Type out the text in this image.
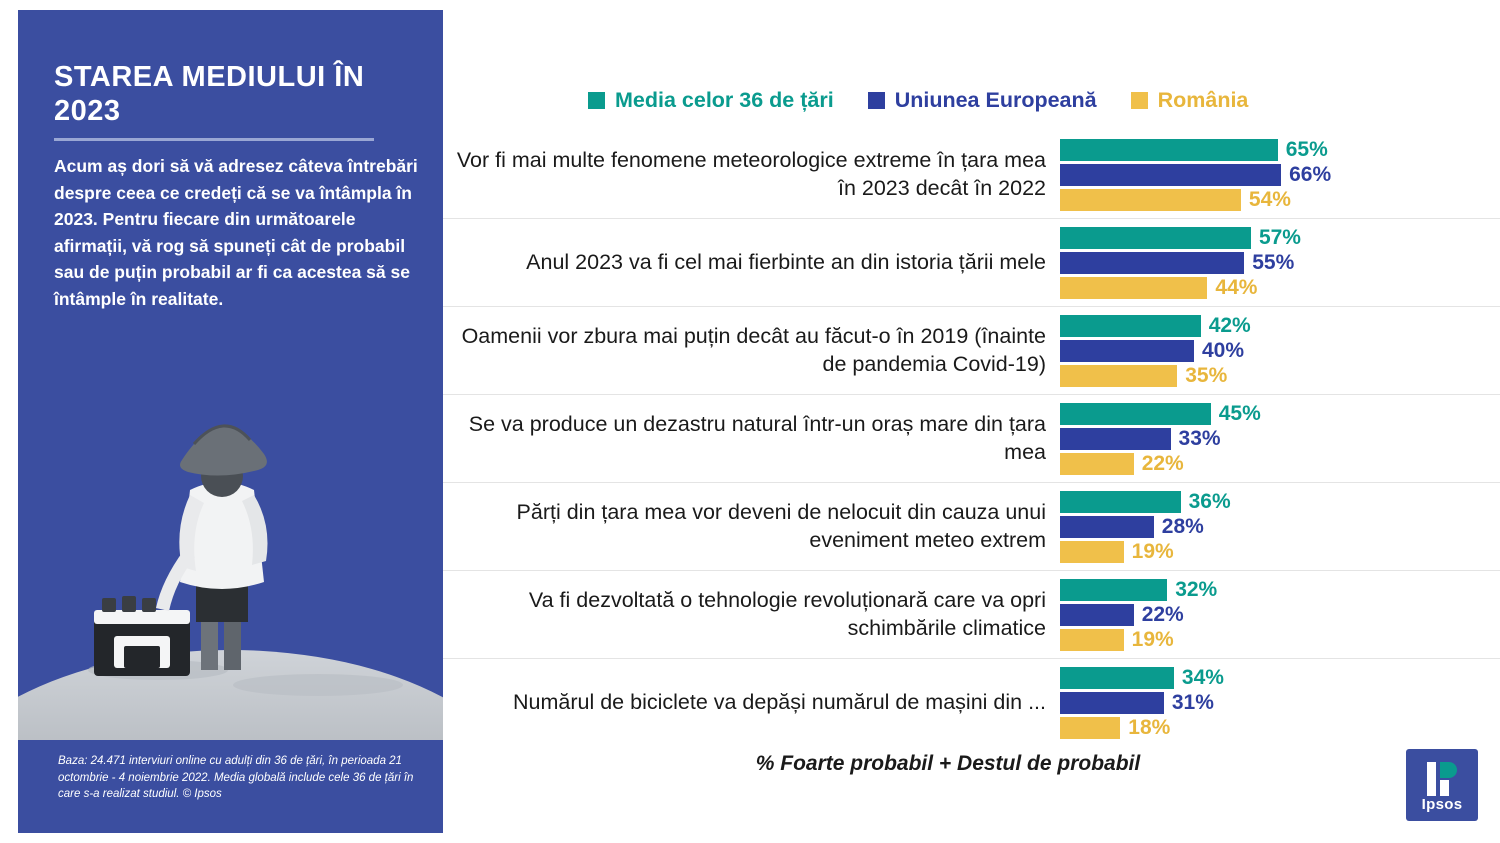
STAREA MEDIULUI ÎN 2023
Acum aș dori să vă adresez câteva întrebări despre ceea ce credeți că se va întâmpla în 2023. Pentru fiecare din următoarele afirmații, vă rog să spuneți cât de probabil sau de puțin probabil ar fi ca acestea să se întâmple în realitate.
Baza: 24.471 interviuri online cu adulți din 36 de țări, în perioada 21 octombrie - 4 noiembrie 2022. Media globală include cele 36 de țări în care s-a realizat studiul. © Ipsos
Media celor 36 de țări	Uniunea Europeană	România
Vor fi mai multe fenomene meteorologice extreme în țara mea în 2023 decât în 2022
65%
66%
54%
Anul 2023 va fi cel mai fierbinte an din istoria țării mele
57%
55%
44%
Oamenii vor zbura mai puțin decât au făcut-o în 2019 (înainte de pandemia Covid-19)
42%
40%
35%
Se va produce un dezastru natural într-un oraș mare din țara mea
45%
33%
22%
Părți din țara mea vor deveni de nelocuit din cauza unui eveniment meteo extrem
36%
28%
19%
Va fi dezvoltată o tehnologie revoluționară care va opri schimbările climatice
32%
22%
19%
Numărul de biciclete va depăși numărul de mașini din ...
34%
31%
18%
% Foarte probabil + Destul de probabil
Ipsos
